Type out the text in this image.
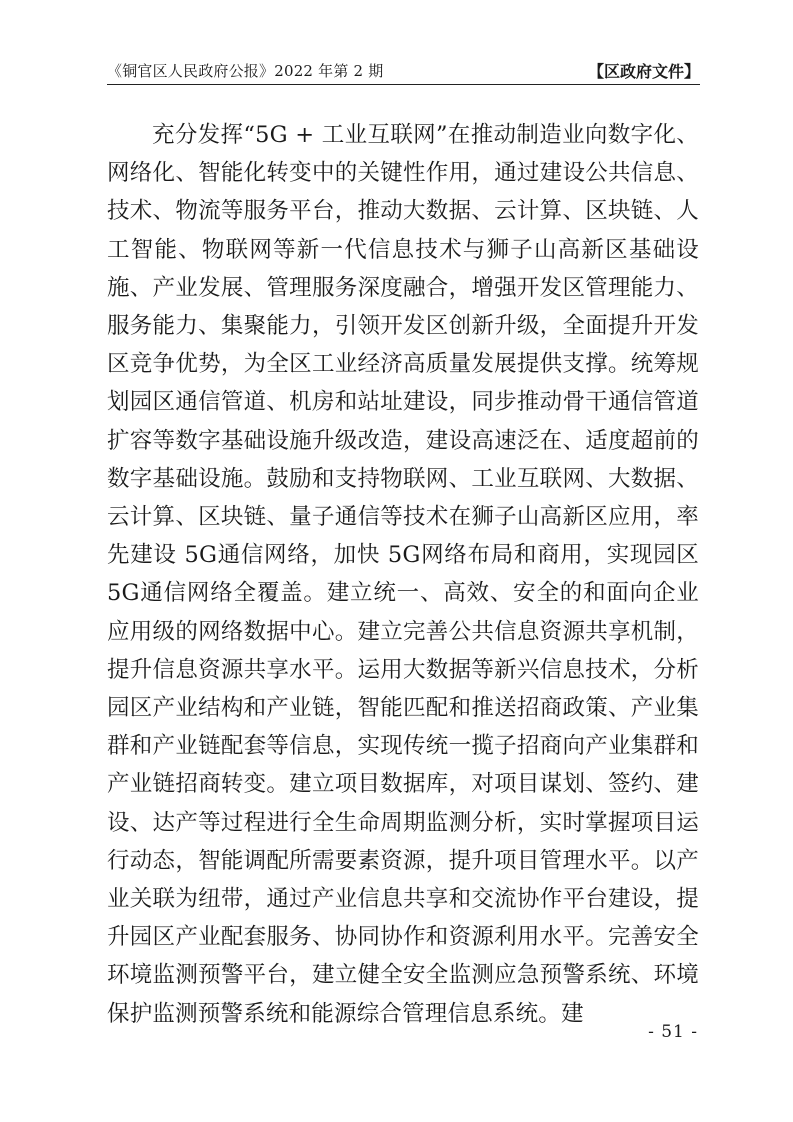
《铜官区人民政府公报》2022 年第 2 期	【区政府文件】

充分发挥“5G + 工业互联网”在推动制造业向数字化、网络化、智能化转变中的关键性作用，通过建设公共信息、技术、物流等服务平台，推动大数据、云计算、区块链、人工智能、物联网等新一代信息技术与狮子山高新区基础设施、产业发展、管理服务深度融合，增强开发区管理能力、服务能力、集聚能力，引领开发区创新升级，全面提升开发区竞争优势，为全区工业经济高质量发展提供支撑。统筹规划园区通信管道、机房和站址建设，同步推动骨干通信管道扩容等数字基础设施升级改造，建设高速泛在、适度超前的数字基础设施。鼓励和支持物联网、工业互联网、大数据、云计算、区块链、量子通信等技术在狮子山高新区应用，率先建设 5G通信网络，加快 5G网络布局和商用，实现园区 5G通信网络全覆盖。建立统一、高效、安全的和面向企业应用级的网络数据中心。建立完善公共信息资源共享机制，提升信息资源共享水平。运用大数据等新兴信息技术，分析园区产业结构和产业链，智能匹配和推送招商政策、产业集群和产业链配套等信息，实现传统一揽子招商向产业集群和产业链招商转变。建立项目数据库，对项目谋划、签约、建设、达产等过程进行全生命周期监测分析，实时掌握项目运行动态，智能调配所需要素资源，提升项目管理水平。以产业关联为纽带，通过产业信息共享和交流协作平台建设，提升园区产业配套服务、协同协作和资源利用水平。完善安全环境监测预警平台，建立健全安全监测应急预警系统、环境保护监测预警系统和能源综合管理信息系统。建

- 51 -
